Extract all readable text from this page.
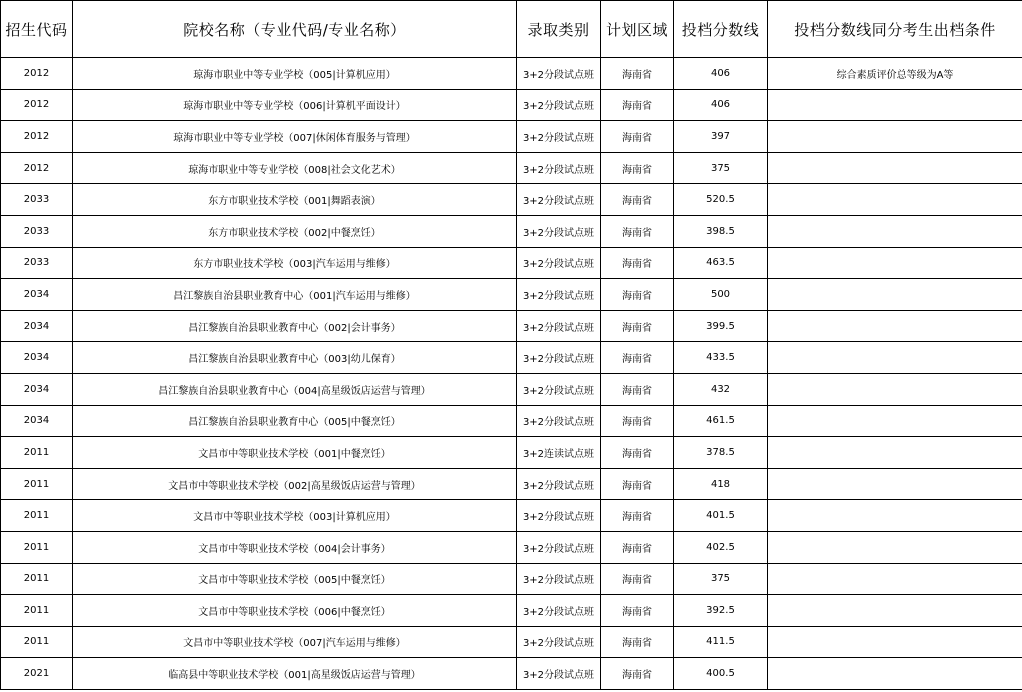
招生代码	院校名称（专业代码/专业名称）	录取类别	计划区域	投档分数线	投档分数线同分考生出档条件
2012	琼海市职业中等专业学校（005|计算机应用）	3+2分段试点班	海南省	406	综合素质评价总等级为A等
2012	琼海市职业中等专业学校（006|计算机平面设计）	3+2分段试点班	海南省	406	
2012	琼海市职业中等专业学校（007|休闲体育服务与管理）	3+2分段试点班	海南省	397	
2012	琼海市职业中等专业学校（008|社会文化艺术）	3+2分段试点班	海南省	375	
2033	东方市职业技术学校（001|舞蹈表演）	3+2分段试点班	海南省	520.5	
2033	东方市职业技术学校（002|中餐烹饪）	3+2分段试点班	海南省	398.5	
2033	东方市职业技术学校（003|汽车运用与维修）	3+2分段试点班	海南省	463.5	
2034	昌江黎族自治县职业教育中心（001|汽车运用与维修）	3+2分段试点班	海南省	500	
2034	昌江黎族自治县职业教育中心（002|会计事务）	3+2分段试点班	海南省	399.5	
2034	昌江黎族自治县职业教育中心（003|幼儿保育）	3+2分段试点班	海南省	433.5	
2034	昌江黎族自治县职业教育中心（004|高星级饭店运营与管理）	3+2分段试点班	海南省	432	
2034	昌江黎族自治县职业教育中心（005|中餐烹饪）	3+2分段试点班	海南省	461.5	
2011	文昌市中等职业技术学校（001|中餐烹饪）	3+2连读试点班	海南省	378.5	
2011	文昌市中等职业技术学校（002|高星级饭店运营与管理）	3+2分段试点班	海南省	418	
2011	文昌市中等职业技术学校（003|计算机应用）	3+2分段试点班	海南省	401.5	
2011	文昌市中等职业技术学校（004|会计事务）	3+2分段试点班	海南省	402.5	
2011	文昌市中等职业技术学校（005|中餐烹饪）	3+2分段试点班	海南省	375	
2011	文昌市中等职业技术学校（006|中餐烹饪）	3+2分段试点班	海南省	392.5	
2011	文昌市中等职业技术学校（007|汽车运用与维修）	3+2分段试点班	海南省	411.5	
2021	临高县中等职业技术学校（001|高星级饭店运营与管理）	3+2分段试点班	海南省	400.5	
